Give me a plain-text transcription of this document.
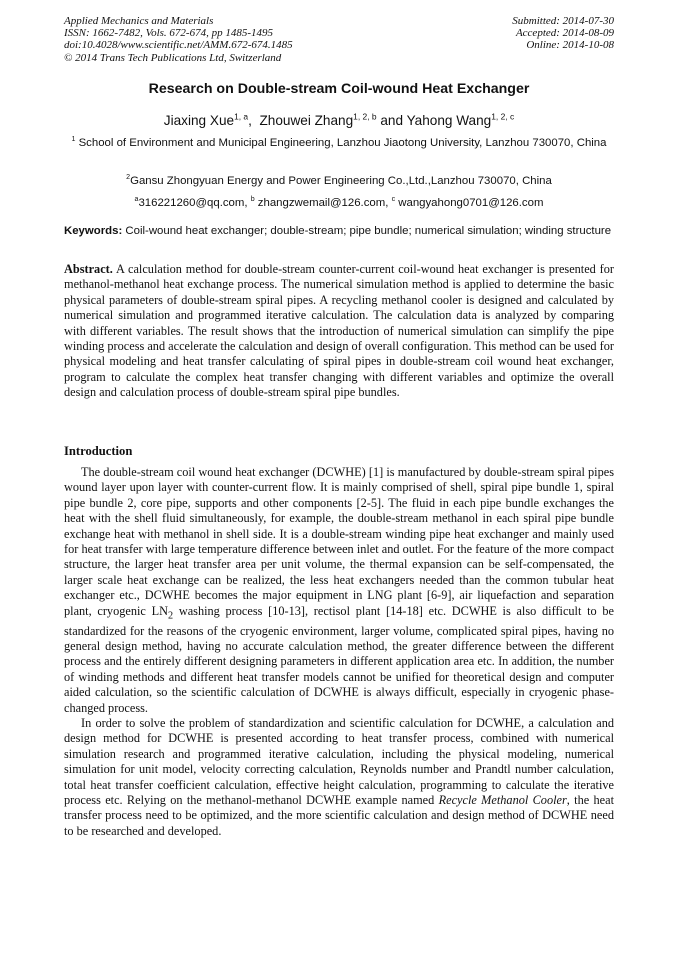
Applied Mechanics and Materials
ISSN: 1662-7482, Vols. 672-674, pp 1485-1495
doi:10.4028/www.scientific.net/AMM.672-674.1485
© 2014 Trans Tech Publications Ltd, Switzerland
Submitted: 2014-07-30
Accepted: 2014-08-09
Online: 2014-10-08
Research on Double-stream Coil-wound Heat Exchanger
Jiaxing Xue$^{1, a}$,  Zhouwei Zhang$^{1, 2, b}$ and Yahong Wang$^{1, 2, c}$
$^1$ School of Environment and Municipal Engineering, Lanzhou Jiaotong University, Lanzhou 730070, China
$^2$Gansu Zhongyuan Energy and Power Engineering Co.,Ltd.,Lanzhou 730070, China
$^a$316221260@qq.com, $^b$ zhangzwemail@126.com, $^c$ wangyahong0701@126.com
Keywords: Coil-wound heat exchanger; double-stream; pipe bundle; numerical simulation; winding structure
Abstract. A calculation method for double-stream counter-current coil-wound heat exchanger is presented for methanol-methanol heat exchange process. The numerical simulation method is applied to determine the basic physical parameters of double-stream spiral pipes. A recycling methanol cooler is designed and calculated by numerical simulation and programmed iterative calculation. The calculation data is analyzed by comparing with different variables. The result shows that the introduction of numerical simulation can simplify the pipe winding process and accelerate the calculation and design of overall configuration. This method can be used for physical modeling and heat transfer calculating of spiral pipes in double-stream coil wound heat exchanger, program to calculate the complex heat transfer changing with different variables and optimize the overall design and calculation process of double-stream spiral pipe bundles.
Introduction

The double-stream coil wound heat exchanger (DCWHE) [1] is manufactured by double-stream spiral pipes wound layer upon layer with counter-current flow. It is mainly comprised of shell, spiral pipe bundle 1, spiral pipe bundle 2, core pipe, supports and other components [2-5]. The fluid in each pipe bundle exchanges the heat with the shell fluid simultaneously, for example, the double-stream methanol in each spiral pipe bundle exchange heat with methanol in shell side. It is a double-stream winding pipe heat exchanger and mainly used for heat transfer with large temperature difference between inlet and outlet. For the feature of the more compact structure, the larger heat transfer area per unit volume, the thermal expansion can be self-compensated, the larger scale heat exchange can be realized, the less heat exchangers needed than the common tubular heat exchanger etc., DCWHE becomes the major equipment in LNG plant [6-9], air liquefaction and separation plant, cryogenic $LN_2$ washing process [10-13], rectisol plant [14-18] etc. DCWHE is also difficult to be standardized for the reasons of the cryogenic environment, larger volume, complicated spiral pipes, having no general design method, having no accurate calculation method, the greater difference between the different process and the entirely different designing parameters in different application area etc. In addition, the number of winding methods and different heat transfer models cannot be unified for theoretical design and computer aided calculation, so the scientific calculation of DCWHE is always difficult, especially in cryogenic phase-changed process.

In order to solve the problem of standardization and scientific calculation for DCWHE, a calculation and design method for DCWHE is presented according to heat transfer process, combined with numerical simulation research and programmed iterative calculation, including the physical modeling, numerical simulation for unit model, velocity correcting calculation, Reynolds number and Prandtl number calculation, total heat transfer coefficient calculation, effective height calculation, programming to calculate the iterative process etc. Relying on the methanol-methanol DCWHE example named Recycle Methanol Cooler, the heat transfer process need to be optimized, and the more scientific calculation and design method of DCWHE need to be researched and developed.
